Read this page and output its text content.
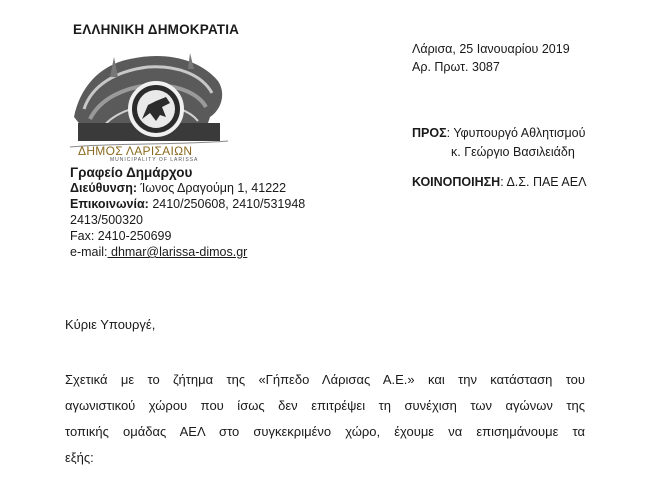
ΕΛΛΗΝΙΚΗ ΔΗΜΟΚΡΑΤΙΑ
ΔΗΜΟΣ ΛΑΡΙΣΑΙΩΝ
MUNICIPALITY OF LARISSA
Γραφείο Δημάρχου
Διεύθυνση: Ίωνος Δραγούμη 1, 41222
Επικοινωνία: 2410/250608, 2410/531948
2413/500320
Fax: 2410-250699
e-mail: dhmar@larissa-dimos.gr
Λάρισα, 25 Ιανουαρίου 2019
Αρ. Πρωτ. 3087
ΠΡΟΣ: Υφυπουργό Αθλητισμού
κ. Γεώργιο Βασιλειάδη
ΚΟΙΝΟΠΟΙΗΣΗ: Δ.Σ. ΠΑΕ ΑΕΛ
Κύριε Υπουργέ,
Σχετικά με το ζήτημα της «Γήπεδο Λάρισας Α.Ε.» και την κατάσταση του
αγωνιστικού χώρου που ίσως δεν επιτρέψει τη συνέχιση των αγώνων της
τοπικής ομάδας ΑΕΛ στο συγκεκριμένο χώρο, έχουμε να επισημάνουμε τα
εξής:
